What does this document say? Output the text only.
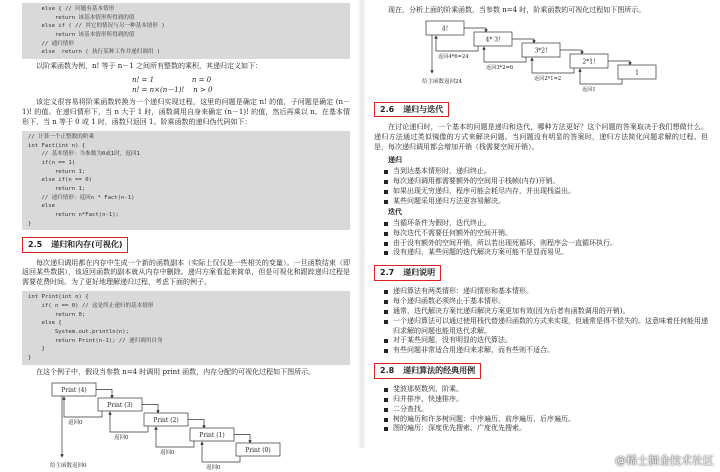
else { // 问题有基本情形
return 该基本情形所得到的值
else if ( // 其它的情况与另一种基本情形 )
return 该基本情形所得到的值
// 通归情形
else  return ( 执行某种工作并递归调用 )
以阶乘函数为例，n! 等于 n－1 之间所有整数的乘积，其递归定义如下：
n! = 1                 n = 0
n! = n×(n－1)!    n > 0
该定义很容易将阶乘函数转换为一个递归实现过程，这里的问题是确定 n! 的值，子问题是确定 (n－1)! 的值。在递归情形下，当 n 大于 1 时，函数调用自身来确定 (n－1)! 的值，然后再乘以 n。在基本情形下，当 n 等于 0 或 1 时，函数只返回 1。阶乘函数的递归伪代码如下：
// 计算一个正整数的阶乘
int Fact(int n) {
// 基本情形：当参数为0或1时，返回1
if(n == 1)
return 1;
else if(n == 0)
return 1;
// 递归情形：返回n * Fact(n-1)
else
return n*Fact(n-1);
}
2.5 递归和内存(可视化)
每次递归调用都在内存中生成一个新的函数副本（实际上仅仅是一些相关的变量）。一旦函数结束（即返回某些数据），该返回函数的副本就从内存中删除。递归方案看起来简单，但是可视化和跟踪递归过程是需要花费时间。为了更好地理解递归过程，考虑下面的例子。
int Print(int n) {
if( n == 0) // 这是终止递归的基本情形
return 0;
else {
System.out.println(n);
return Print(n-1); // 递归调用自身
}
}
在这个例子中，假设当参数 n=4 时调用 print 函数，内存分配的可视化过程如下图所示。
Print (4)
返回0
Print (3)
返回0
Print (2)
返回0
Print (1)
返回0
Print (0)
给主函数返回0
现在，分析上面的阶乘函数，当参数 n=4 时，阶乘函数的可视化过程如下图所示。
4!
返回4*6=24
4* 3!
返回3*2=6
3*2!
返回2*1=2
2*1!
返回1
1
给主函数返回24
2.6 递归与迭代
在讨论递归时，一个基本的问题是递归和迭代，哪种方法更好？这个问题的答案取决于我们想做什么。递归方法通过类似镜像的方式来解决问题。当问题没有明显的答案时，递归方法简化问题求解的过程。但是，每次递归调用都会增加开销（栈需要空间开销）。
递归
当到达基本情形时，递归终止。
每次递归调用都需要额外的空间用于栈帧(内存)开销。
如果出现无穷递归，程序可能会耗尽内存，并出现栈溢出。
某些问题采用递归方法更容易解决。
迭代
当循环条件为假时，迭代终止。
每次迭代不需要任何额外的空间开销。
由于没有额外的空间开销，所以若出现死循环，则程序会一直循环执行。
没有递归，某些问题的迭代解决方案可能不是显而易见。
2.7 递归说明
递归算法有两类情形：递归情形和基本情形。
每个递归函数必须终止于基本情形。
通常，迭代解决方案比递归解决方案更加有效(因为后者有函数调用的开销)。
一个递归算法可以通过使用栈代替递归函数的方式来实现，但通常是得不偿失的。这意味着任何能用递归求解的问题也能用迭代求解。
对于某些问题，没有明显的迭代算法。
有些问题非常适合用递归来求解，而有些则不适合。
2.8 递归算法的经典用例
斐波那契数列、阶乘。
归并排序、快速排序。
二分查找。
树的遍历和许多树问题：中序遍历、前序遍历、后序遍历。
图的遍历：深度优先搜索、广度优先搜索。
@稀土掘金技术社区
